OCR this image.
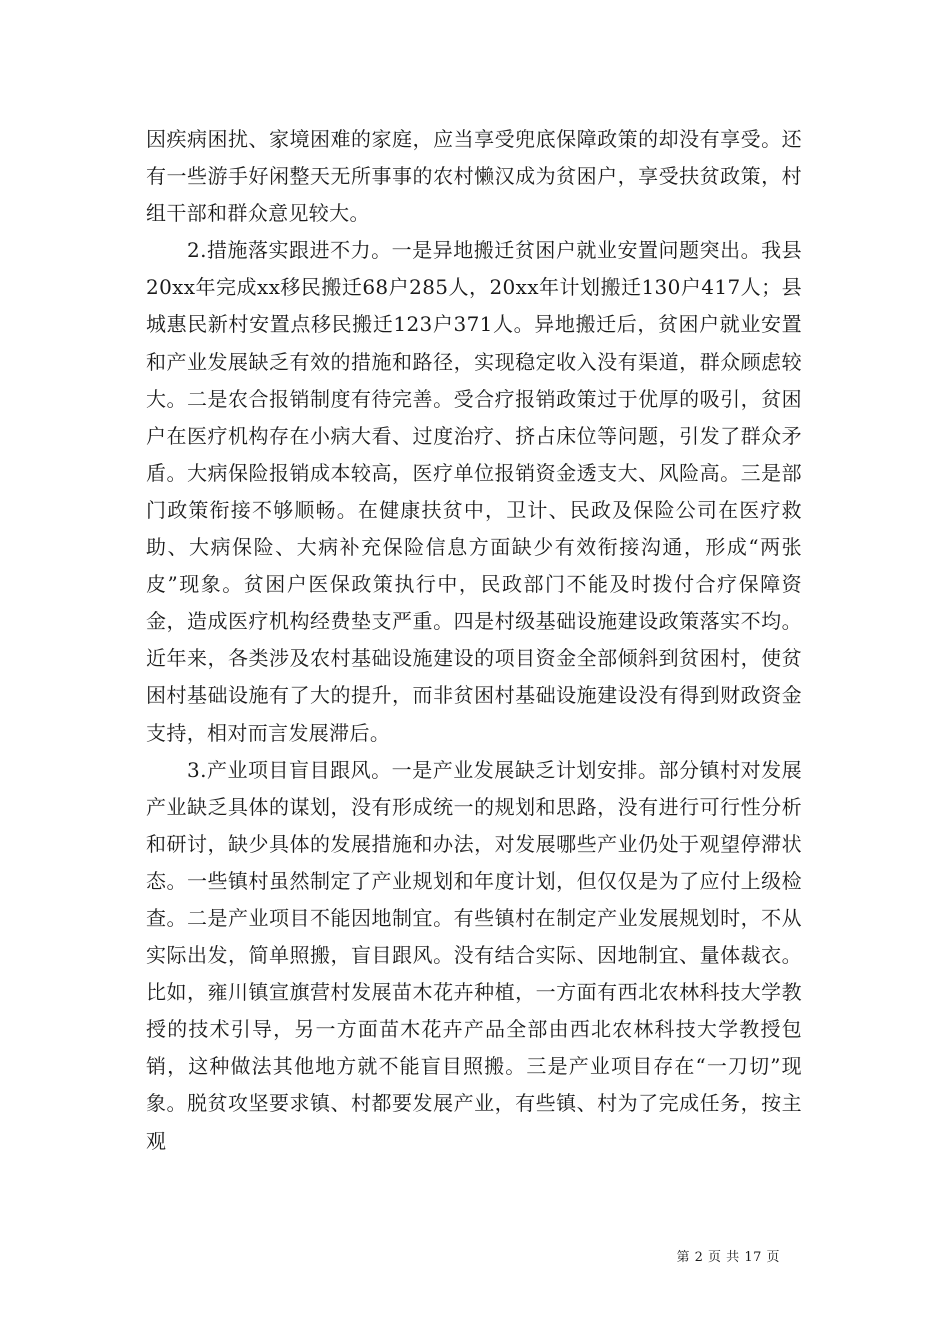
因疾病困扰、家境困难的家庭，应当享受兜底保障政策的却没有享受。还有一些游手好闲整天无所事事的农村懒汉成为贫困户，享受扶贫政策，村组干部和群众意见较大。

2.措施落实跟进不力。一是异地搬迁贫困户就业安置问题突出。我县20xx年完成xx移民搬迁68户285人，20xx年计划搬迁130户417人；县城惠民新村安置点移民搬迁123户371人。异地搬迁后，贫困户就业安置和产业发展缺乏有效的措施和路径，实现稳定收入没有渠道，群众顾虑较大。二是农合报销制度有待完善。受合疗报销政策过于优厚的吸引，贫困户在医疗机构存在小病大看、过度治疗、挤占床位等问题，引发了群众矛盾。大病保险报销成本较高，医疗单位报销资金透支大、风险高。三是部门政策衔接不够顺畅。在健康扶贫中，卫计、民政及保险公司在医疗救助、大病保险、大病补充保险信息方面缺少有效衔接沟通，形成“两张皮”现象。贫困户医保政策执行中，民政部门不能及时拨付合疗保障资金，造成医疗机构经费垫支严重。四是村级基础设施建设政策落实不均。近年来，各类涉及农村基础设施建设的项目资金全部倾斜到贫困村，使贫困村基础设施有了大的提升，而非贫困村基础设施建设没有得到财政资金支持，相对而言发展滞后。

3.产业项目盲目跟风。一是产业发展缺乏计划安排。部分镇村对发展产业缺乏具体的谋划，没有形成统一的规划和思路，没有进行可行性分析和研讨，缺少具体的发展措施和办法，对发展哪些产业仍处于观望停滞状态。一些镇村虽然制定了产业规划和年度计划，但仅仅是为了应付上级检查。二是产业项目不能因地制宜。有些镇村在制定产业发展规划时，不从实际出发，简单照搬，盲目跟风。没有结合实际、因地制宜、量体裁衣。比如，雍川镇宣旗营村发展苗木花卉种植，一方面有西北农林科技大学教授的技术引导，另一方面苗木花卉产品全部由西北农林科技大学教授包销，这种做法其他地方就不能盲目照搬。三是产业项目存在“一刀切”现象。脱贫攻坚要求镇、村都要发展产业，有些镇、村为了完成任务，按主观

第 2 页 共 17 页
